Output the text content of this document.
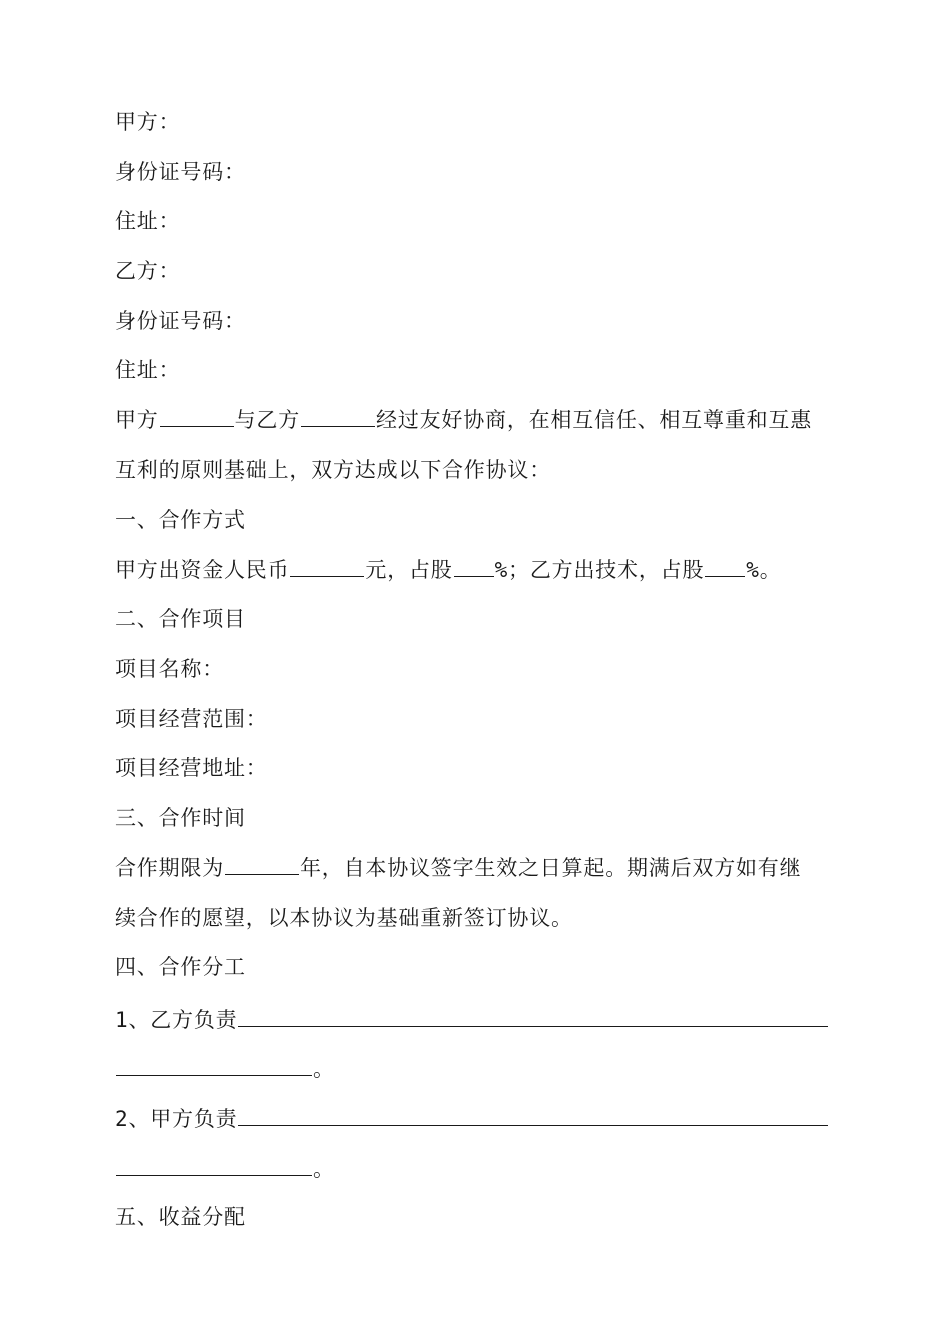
甲方：
身份证号码：
住址：
乙方：
身份证号码：
住址：
甲方	与乙方	经过友好协商，在相互信任、相互尊重和互惠
互利的原则基础上，双方达成以下合作协议：
一、合作方式
甲方出资金人民币	元，占股 %；乙方出技术，占股 %。
二、合作项目
项目名称：
项目经营范围：
项目经营地址：
三、合作时间
合作期限为	年，自本协议签字生效之日算起。期满后双方如有继
续合作的愿望，以本协议为基础重新签订协议。
四、合作分工
1、乙方负责
。
2、甲方负责
。
五、收益分配
